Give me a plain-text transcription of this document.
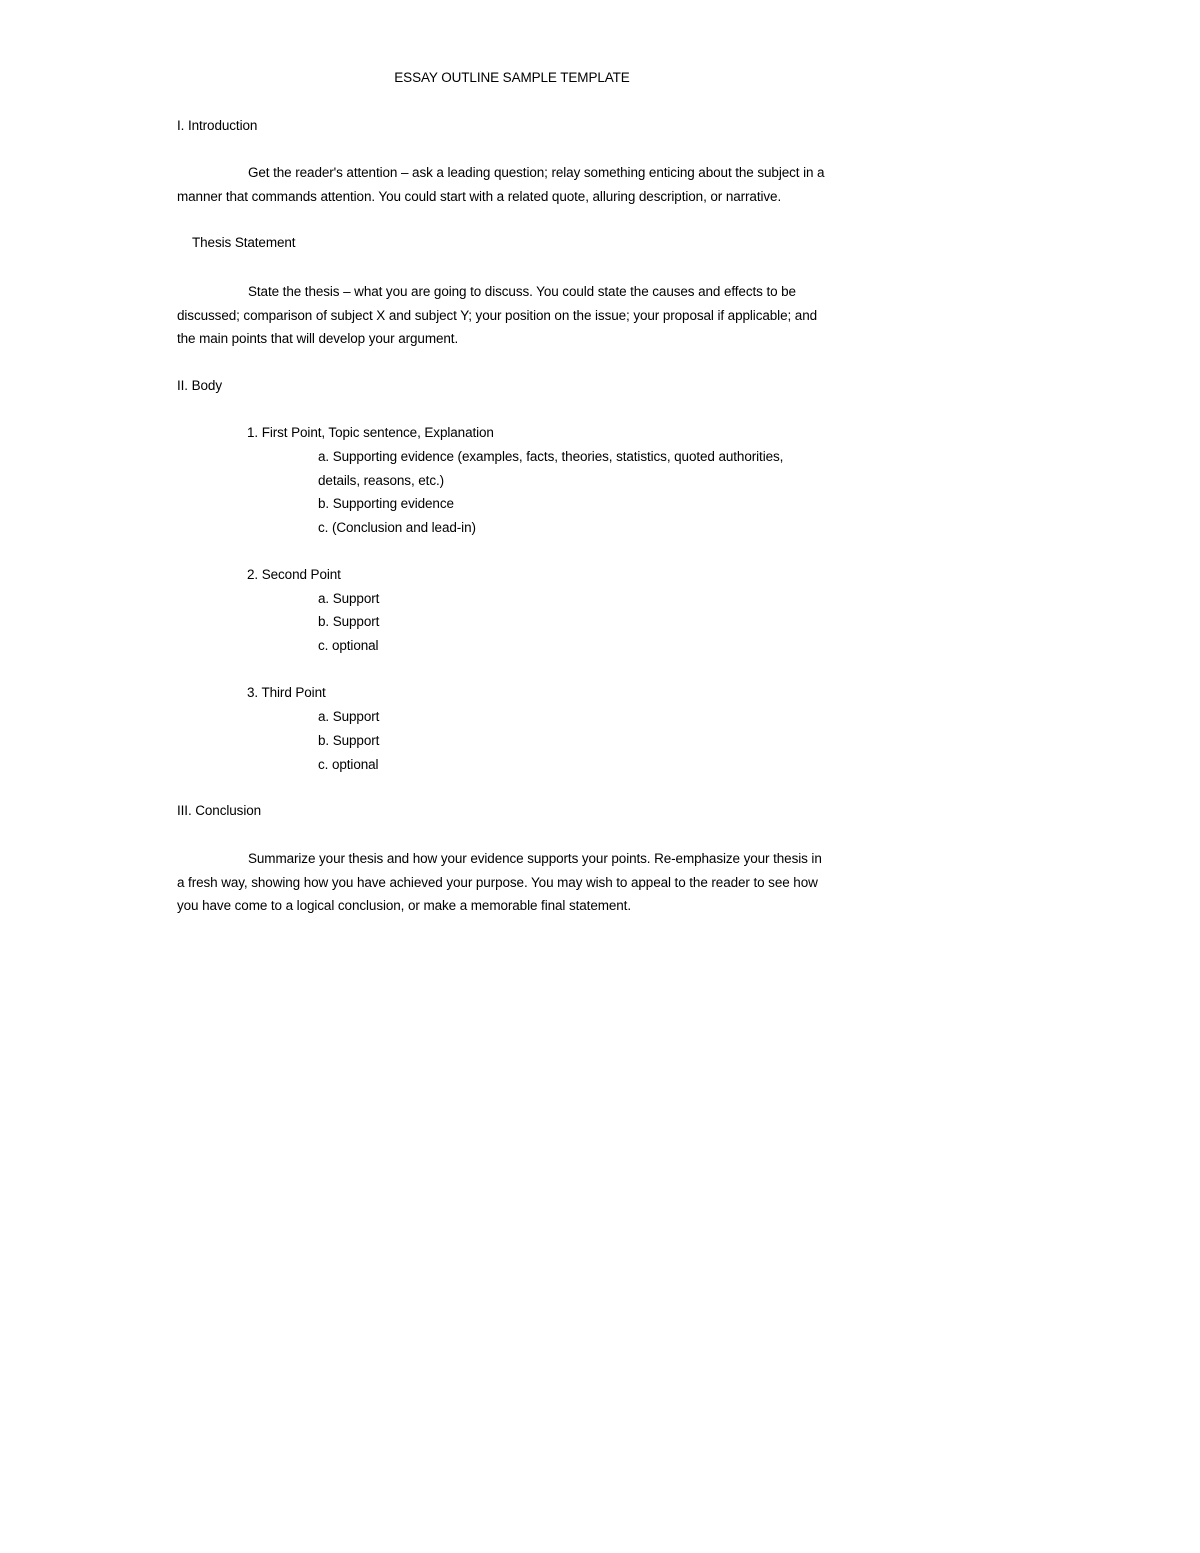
ESSAY OUTLINE SAMPLE TEMPLATE
I. Introduction
Get the reader's attention – ask a leading question; relay something enticing about the subject in a
manner that commands attention. You could start with a related quote, alluring description, or narrative.
Thesis Statement
State the thesis – what you are going to discuss. You could state the causes and effects to be
discussed; comparison of subject X and subject Y; your position on the issue; your proposal if applicable; and
the main points that will develop your argument.
II. Body
1. First Point, Topic sentence, Explanation
a. Supporting evidence (examples, facts, theories, statistics, quoted authorities,
details, reasons, etc.)
b. Supporting evidence
c. (Conclusion and lead-in)
2. Second Point
a. Support
b. Support
c. optional
3. Third Point
a. Support
b. Support
c. optional
III. Conclusion
Summarize your thesis and how your evidence supports your points. Re-emphasize your thesis in
a fresh way, showing how you have achieved your purpose. You may wish to appeal to the reader to see how
you have come to a logical conclusion, or make a memorable final statement.
